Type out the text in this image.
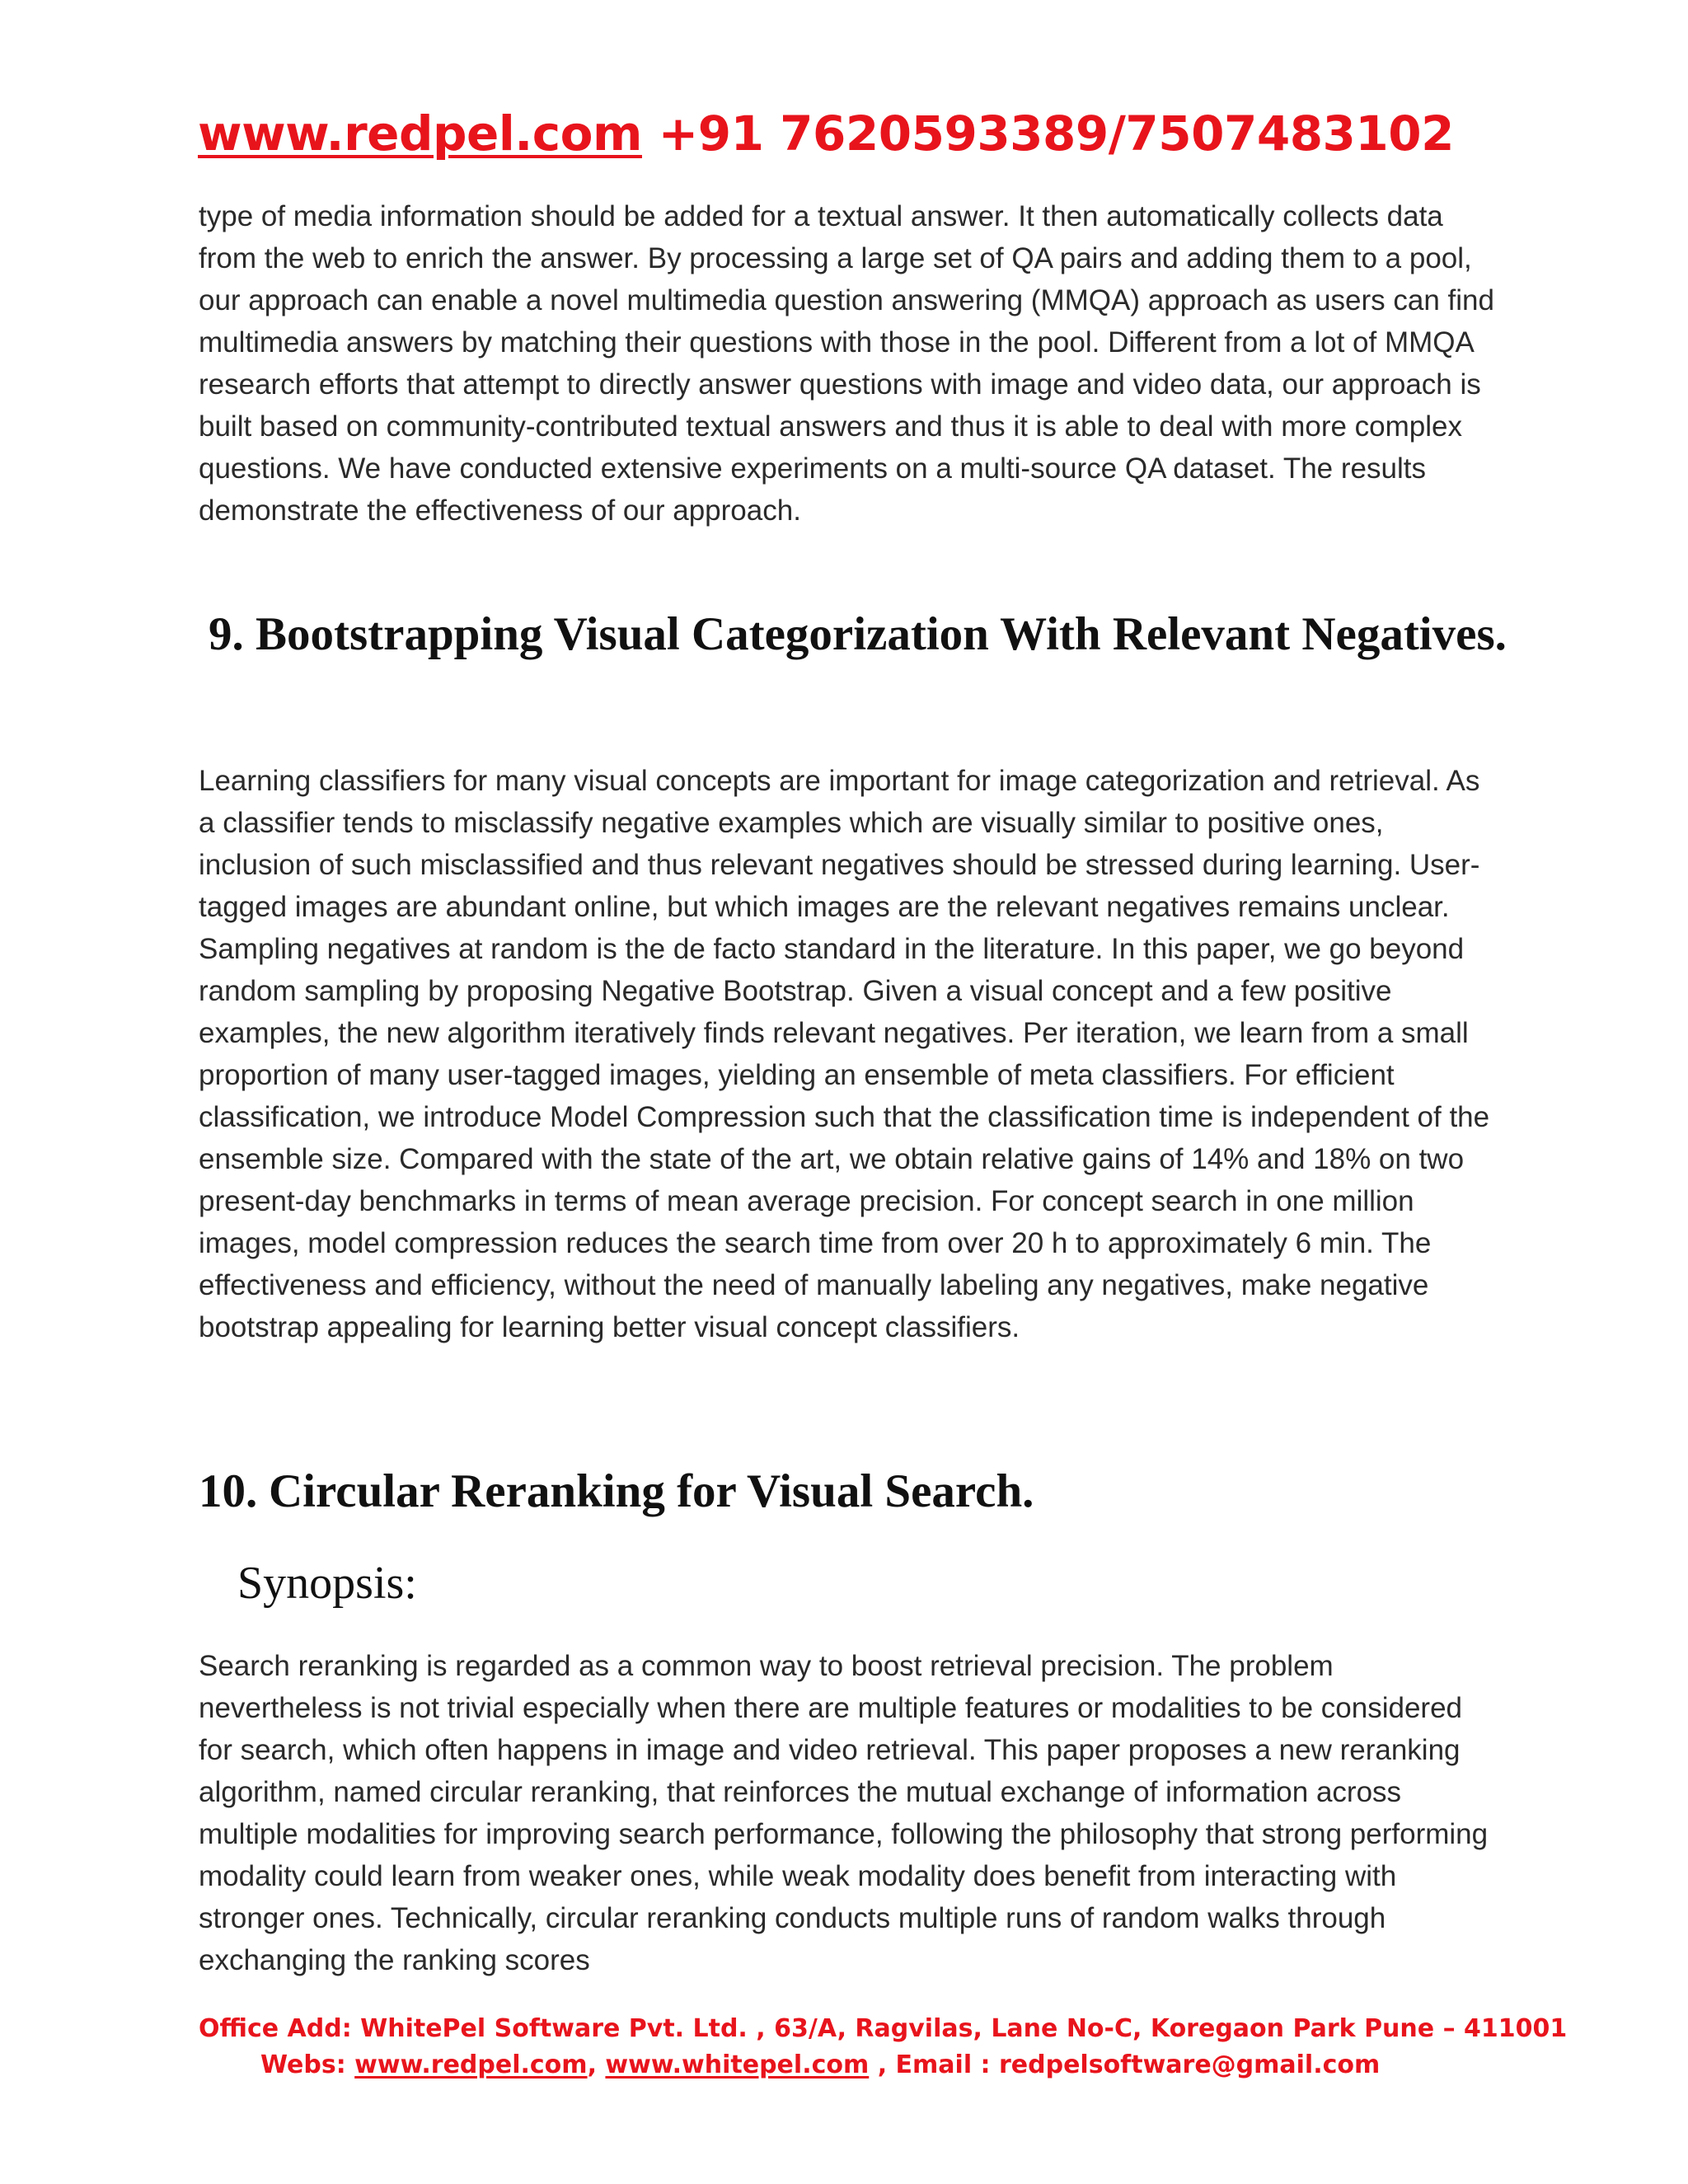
www.redpel.com +91 7620593389/7507483102

type of media information should be added for a textual answer. It then automatically collects data from the web to enrich the answer. By processing a large set of QA pairs and adding them to a pool, our approach can enable a novel multimedia question answering (MMQA) approach as users can find multimedia answers by matching their questions with those in the pool. Different from a lot of MMQA research efforts that attempt to directly answer questions with image and video data, our approach is built based on community-contributed textual answers and thus it is able to deal with more complex questions. We have conducted extensive experiments on a multi-source QA dataset. The results demonstrate the effectiveness of our approach.

9. Bootstrapping Visual Categorization With Relevant Negatives.

Learning classifiers for many visual concepts are important for image categorization and retrieval. As a classifier tends to misclassify negative examples which are visually similar to positive ones, inclusion of such misclassified and thus relevant negatives should be stressed during learning. User-tagged images are abundant online, but which images are the relevant negatives remains unclear. Sampling negatives at random is the de facto standard in the literature. In this paper, we go beyond random sampling by proposing Negative Bootstrap. Given a visual concept and a few positive examples, the new algorithm iteratively finds relevant negatives. Per iteration, we learn from a small proportion of many user-tagged images, yielding an ensemble of meta classifiers. For efficient classification, we introduce Model Compression such that the classification time is independent of the ensemble size. Compared with the state of the art, we obtain relative gains of 14% and 18% on two present-day benchmarks in terms of mean average precision. For concept search in one million images, model compression reduces the search time from over 20 h to approximately 6 min. The effectiveness and efficiency, without the need of manually labeling any negatives, make negative bootstrap appealing for learning better visual concept classifiers.

10. Circular Reranking for Visual Search.
Synopsis:

Search reranking is regarded as a common way to boost retrieval precision. The problem nevertheless is not trivial especially when there are multiple features or modalities to be considered for search, which often happens in image and video retrieval. This paper proposes a new reranking algorithm, named circular reranking, that reinforces the mutual exchange of information across multiple modalities for improving search performance, following the philosophy that strong performing modality could learn from weaker ones, while weak modality does benefit from interacting with stronger ones. Technically, circular reranking conducts multiple runs of random walks through exchanging the ranking scores

Office Add: WhitePel Software Pvt. Ltd. , 63/A, Ragvilas, Lane No-C, Koregaon Park Pune – 411001
Webs: www.redpel.com, www.whitepel.com , Email : redpelsoftware@gmail.com
